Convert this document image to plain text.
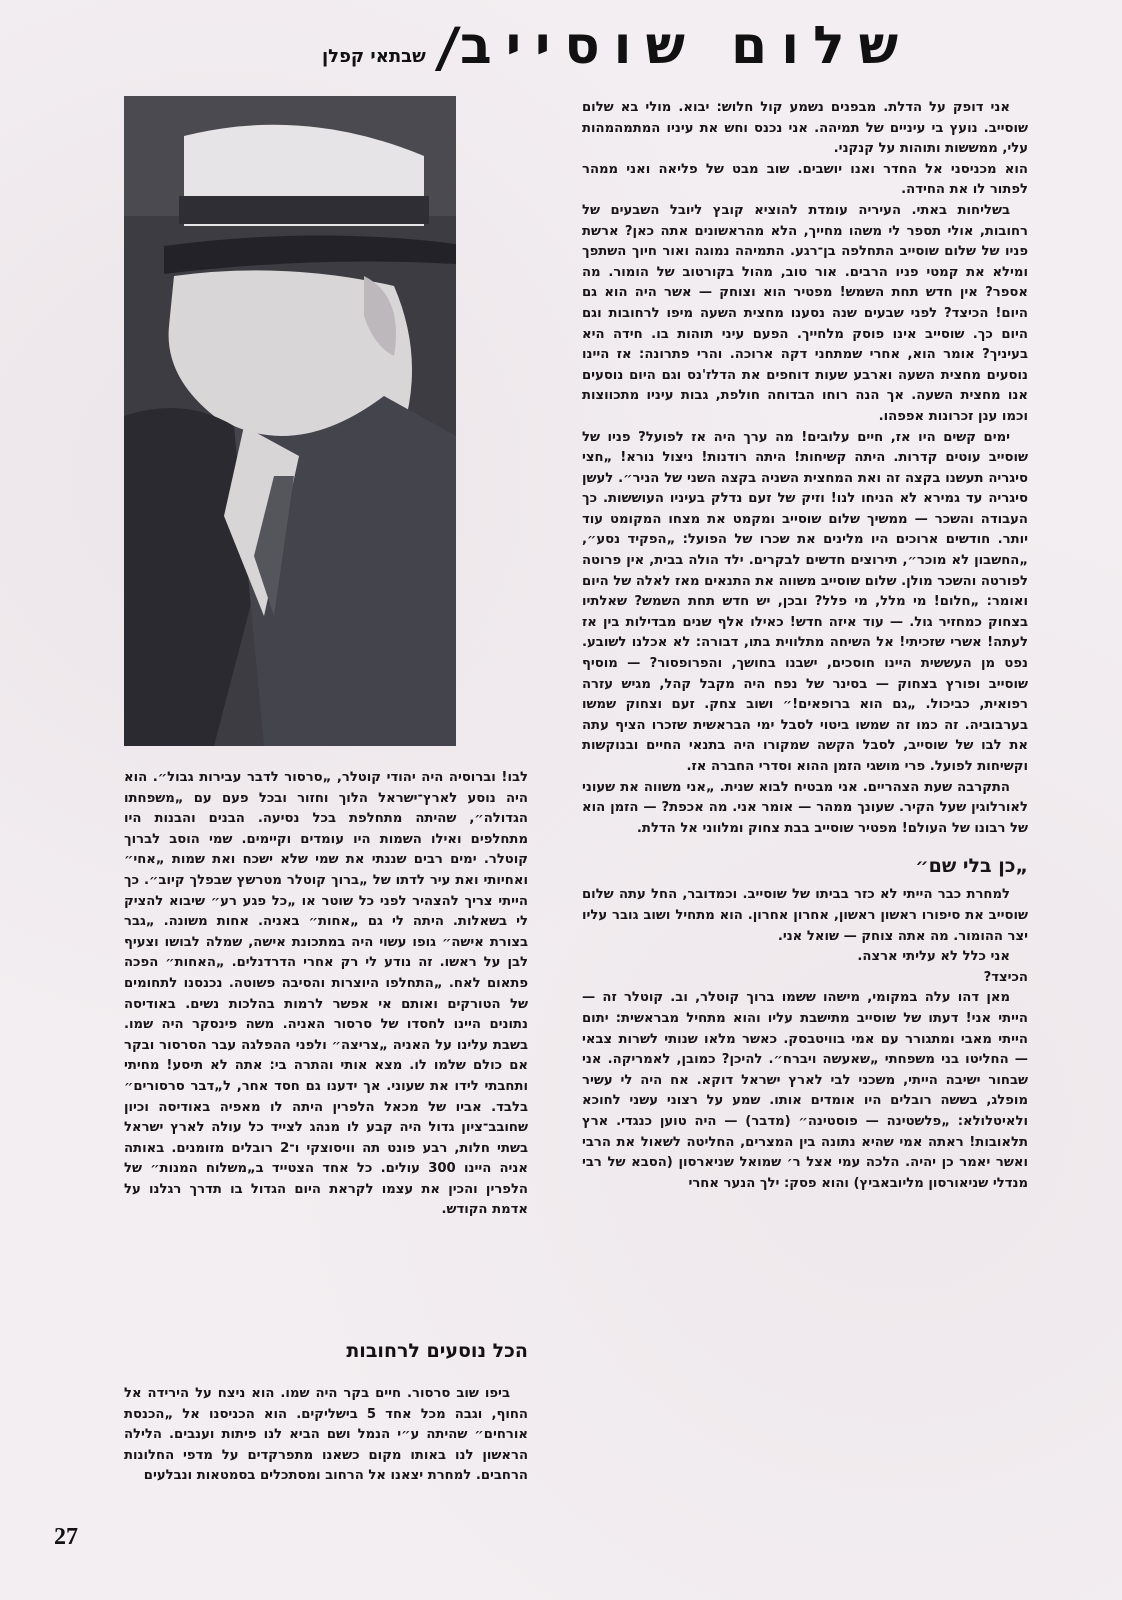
שלום שוסייב
/
שבתאי קפלן

אני דופק על הדלת. מבפנים נשמע קול חלוש: יבוא. מולי בא שלום שוסייב. נועץ בי עיניים של תמיהה. אני נכנס וחש את עיניו המתמהמהות עלי, ממששות ותוהות על קנקני.

הוא מכניסני אל החדר ואנו יושבים. שוב מבט של פליאה ואני ממהר לפתור לו את החידה.

בשליחות באתי. העיריה עומדת להוציא קובץ ליובל השבעים של רחובות, אולי תספר לי משהו מחייך, הלא מהראשונים אתה כאן? ארשת פניו של שלום שוסייב התחלפה בן־רגע. התמיהה נמוגה ואור חיוך השתפך ומילא את קמטי פניו הרבים. אור טוב, מהול בקורטוב של הומור. מה אספר? אין חדש תחת השמש! מפטיר הוא וצוחק — אשר היה הוא גם היום! הכיצד? לפני שבעים שנה נסענו מחצית השעה מיפו לרחובות וגם היום כך. שוסייב אינו פוסק מלחייך. הפעם עיני תוהות בו. חידה היא בעיניך? אומר הוא, אחרי שמתחני דקה ארוכה. והרי פתרונה: אז היינו נוסעים מחצית השעה וארבע שעות דוחפים את הדלז'נס וגם היום נוסעים אנו מחצית השעה. אך הנה רוחו הבדוחה חולפת, גבות עיניו מתכווצות וכמו ענן זכרונות אפפהו.

ימים קשים היו אז, חיים עלובים! מה ערך היה אז לפועל? פניו של שוסייב עוטים קדרות. היתה קשיחות! היתה רודנות! ניצול נורא! „חצי סיגריה תעשנו בקצה זה ואת המחצית השניה בקצה השני של הניר״. לעשן סיגריה עד גמירא לא הניחו לנו! וזיק של זעם נדלק בעיניו העוששות. כך העבודה והשכר — ממשיך שלום שוסייב ומקמט את מצחו המקומט עוד יותר. חודשים ארוכים היו מלינים את שכרו של הפועל: „הפקיד נסע״, „החשבון לא מוכר״, תירוצים חדשים לבקרים. ילד הולה בבית, אין פרוטה לפורטה והשכר מולן. שלום שוסייב משווה את התנאים מאז לאלה של היום ואומר: „חלום! מי מלל, מי פלל? ובכן, יש חדש תחת השמש? שאלתיו בצחוק כמחזיר גול. — עוד איזה חדש! כאילו אלף שנים מבדילות בין אז לעתה! אשרי שזכיתי! אל השיחה מתלווית בתו, דבורה: לא אכלנו לשובע. נפט מן העששית היינו חוסכים, ישבנו בחושך, והפרופסור? — מוסיף שוסייב ופורץ בצחוק — בסינר של נפח היה מקבל קהל, מגיש עזרה רפואית, כביכול. „גם הוא ברופאים!״ ושוב צחק. זעם וצחוק שמשו בערבוביה. זה כמו זה שמשו ביטוי לסבל ימי הבראשית שזכרו הציף עתה את לבו של שוסייב, לסבל הקשה שמקורו היה בתנאי החיים ובנוקשות וקשיחות לפועל. פרי מושגי הזמן ההוא וסדרי החברה אז.

התקרבה שעת הצהריים. אני מבטיח לבוא שנית. „אני משווה את שעוני לאורלוגין שעל הקיר. שעונך ממהר — אומר אני. מה אכפת? — הזמן הוא של רבונו של העולם! מפטיר שוסייב בבת צחוק ומלווני אל הדלת.

„כן בלי שם״

למחרת כבר הייתי לא כזר בביתו של שוסייב. וכמדובר, החל עתה שלום שוסייב את סיפורו ראשון ראשון, אחרון אחרון. הוא מתחיל ושוב גובר עליו יצר ההומור. מה אתה צוחק — שואל אני.

אני כלל לא עליתי ארצה.

הכיצד?

מאן דהו עלה במקומי, מישהו ששמו ברוך קוטלר, וב. קוטלר זה — הייתי אני! דעתו של שוסייב מתישבת עליו והוא מתחיל מבראשית: יתום הייתי מאבי ומתגורר עם אמי בוויטבסק. כאשר מלאו שנותי לשרות צבאי — החליטו בני משפחתי „שאעשה ויברח״. להיכן? כמובן, לאמריקה. אני שבחור ישיבה הייתי, משכני לבי לארץ ישראל דוקא. אח היה לי עשיר מופלג, בששה רובלים היו אומדים אותו. שמע על רצוני עשני לחוכא ולאיטלולא: „פלשטינה — פוסטינה״ (מדבר) — היה טוען כנגדי. ארץ תלאובות! ראתה אמי שהיא נתונה בין המצרים, החליטה לשאול את הרבי ואשר יאמר כן יהיה. הלכה עמי אצל ר׳ שמואל שניארסון (הסבא של רבי מנדלי שניאורסון מליובאביץ) והוא פסק: ילך הנער אחרי

לבו! וברוסיה היה יהודי קוטלר, „סרסור לדבר עבירות גבול״. הוא היה נוסע לארץ־ישראל הלוך וחזור ובכל פעם עם „משפחתו הגדולה״, שהיתה מתחלפת בכל נסיעה. הבנים והבנות היו מתחלפים ואילו השמות היו עומדים וקיימים. שמי הוסב לברוך קוטלר. ימים רבים שננתי את שמי שלא ישכח ואת שמות „אחי״ ואחיותי ואת עיר לדתו של „ברוך קוטלר מטרשץ שבפלך קיוב״. כך הייתי צריך להצהיר לפני כל שוטר או „כל פגע רע״ שיבוא להציק לי בשאלות. היתה לי גם „אחות״ באניה. אחות משונה. „גבר בצורת אישה״ גופו עשוי היה במתכונת אישה, שמלה לבושו וצעיף לבן על ראשו. זה נודע לי רק אחרי הדרדנלים. „האחות״ הפכה פתאום לאח. „התחלפו היוצרות והסיבה פשוטה. נכנסנו לתחומים של הטורקים ואותם אי אפשר לרמות בהלכות נשים. באודיסה נתונים היינו לחסדו של סרסור האניה. משה פינסקר היה שמו. בשבת עלינו על האניה „צריצה״ ולפני ההפלגה עבר הסרסור ובקר אם כולם שלמו לו. מצא אותי והתרה בי: אתה לא תיסע! מחיתי ותחבתי לידו את שעוני. אך ידענו גם חסד אחר, ל„דבר סרסורים״ בלבד. אביו של מכאל הלפרין היתה לו מאפיה באודיסה וכיון שחובב־ציון גדול היה קבע לו מנהג לצייד כל עולה לארץ ישראל בשתי חלות, רבע פונט תה וויסוצקי ו־2 רובלים מזומנים. באותה אניה היינו 300 עולים. כל אחד הצטייד ב„משלוח המנות״ של הלפרין והכין את עצמו לקראת היום הגדול בו תדרך רגלנו על אדמת הקודש.

הכל נוסעים לרחובות

ביפו שוב סרסור. חיים בקר היה שמו. הוא ניצח על הירידה אל החוף, וגבה מכל אחד 5 בישליקים. הוא הכניסנו אל „הכנסת אורחים״ שהיתה ע״י הנמל ושם הביא לנו פיתות וענבים. הלילה הראשון לנו באותו מקום כשאנו מתפרקדים על מדפי החלונות הרחבים. למחרת יצאנו אל הרחוב ומסתכלים בסמטאות ונבלעים

27
